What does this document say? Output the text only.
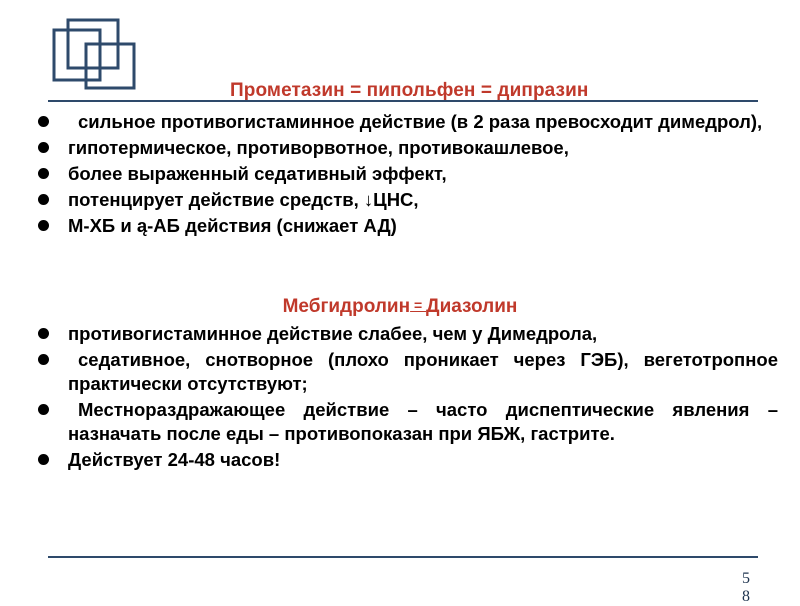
Прометазин = пипольфен = дипразин
сильное противогистаминное действие (в 2 раза превосходит димедрол),
гипотермическое, противорвотное, противокашлевое,
более выраженный седативный эффект,
потенцирует действие средств, ↓ЦНС,
М-ХБ и ą-АБ действия (снижает АД)
Мебгидролин = Диазолин
противогистаминное действие слабее, чем у Димедрола,
седативное, снотворное (плохо проникает через ГЭБ), вегетотропное практически отсутствуют;
Местнораздражающее действие – часто диспептические явления – назначать после еды – противопоказан при ЯБЖ, гастрите.
Действует 24-48 часов!
5
8
